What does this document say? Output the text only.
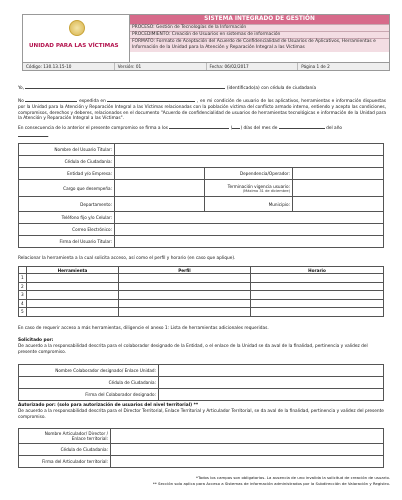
UNIDAD PARA LAS VÍCTIMAS
SISTEMA INTEGRADO DE GESTIÓN
PROCESO: Gestión de Tecnologías de la Información
PROCEDIMIENTO: Creación de Usuarios en sistemas de información
FORMATO: Formato de Aceptación del Acuerdo de Confidencialidad de Usuarios de Aplicativos, Herramientas e Información de la Unidad para la Atención y Reparación Integral a las Víctimas
Código: 130.13.15-10	Versión: 01	Fecha: 06/02/2017	Página 1 de 2
Yo,	(identificado(a) con cédula de ciudadanía
No	expedida en	, en mi condición de usuario de los aplicativos, herramientas e información dispuestas por la Unidad para la Atención y Reparación Integral a las Víctimas relacionadas con la población víctima del conflicto armado interno, entiendo y acepto las condiciones, compromisos, derechos y deberes, relacionados en el documento "Acuerdo de confidencialidad de usuarios de herramientas tecnológicas e información de la Unidad para la Atención y Reparación Integral a las Víctimas".
En consecuencia de lo anterior el presente compromiso se firma a los	( ) días del mes de	del año
.
Nombre del Usuario Titular:			
Cédula de Ciudadanía:			
Entidad y/o Empresa:		Dependencia/Operador:	
Cargo que desempeña:		Terminación vigencia usuario:
(Máximo 31 de diciembre)	

Departamento:		Municipio:	
Teléfono fijo y/o Celular:			
Correo Electrónico:			
Firma del Usuario Titular:			
Relacionar la herramienta a la cual solicita acceso, así como el perfil y horario (en caso que aplique).
	Herramienta	Perfil	Horario
1			
2			
3			
4			
5			
En caso de requerir acceso a más herramientas, diligencie el anexo 1: Lista de herramientas adicionales requeridas.
Solicitado por:
De acuerdo a la responsabilidad descrita para el colaborador designado de la Entidad, o el enlace de la Unidad se da aval de la finalidad, pertinencia y validez del presente compromiso.
Nombre Colaborador designado/ Enlace Unidad:	
Cédula de Ciudadanía:	
Firma del Colaborador designado:	
Autorizado por: (solo para autorización de usuarios del nivel territorial) **
De acuerdo a la responsabilidad descrita para el Director Territorial, Enlace Territorial y Articulador Territorial, se da aval de la finalidad, pertinencia y validez del presente compromiso.
Nombre Articulador/ Director /
Enlace territorial:	

Cédula de Ciudadanía:	
Firma del Articulador territorial:	
*Todos los campos son obligatorios. La ausencia de uno invalida la solicitud de creación de usuario.
** Sección solo aplica para Acceso a Sistemas de información administrados por la Subdirección de Valoración y Registro.
